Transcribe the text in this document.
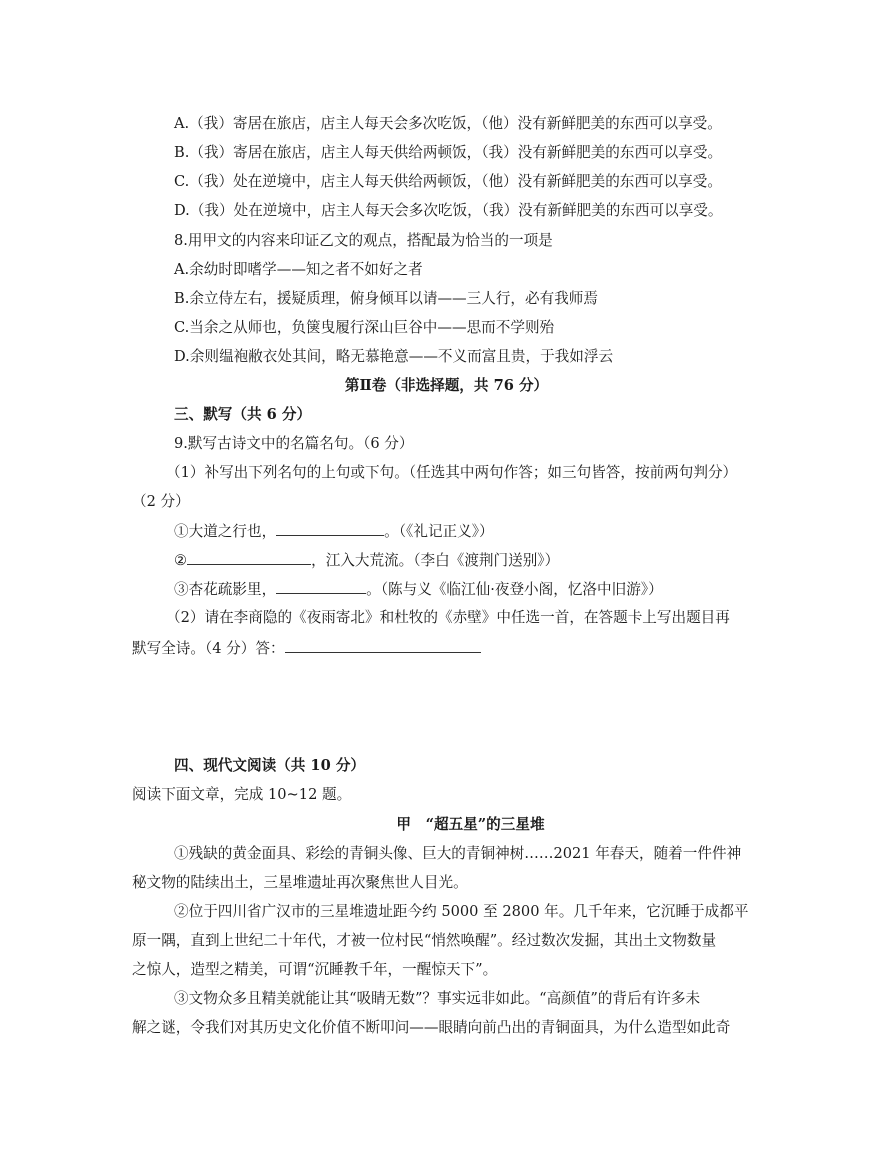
A.（我）寄居在旅店，店主人每天会多次吃饭，（他）没有新鲜肥美的东西可以享受。
B.（我）寄居在旅店，店主人每天供给两顿饭，（我）没有新鲜肥美的东西可以享受。
C.（我）处在逆境中，店主人每天供给两顿饭，（他）没有新鲜肥美的东西可以享受。
D.（我）处在逆境中，店主人每天会多次吃饭，（我）没有新鲜肥美的东西可以享受。
8.用甲文的内容来印证乙文的观点，搭配最为恰当的一项是
A.余幼时即嗜学——知之者不如好之者
B.余立侍左右，援疑质理，俯身倾耳以请——三人行，必有我师焉
C.当余之从师也，负箧曳履行深山巨谷中——思而不学则殆
D.余则缊袍敝衣处其间，略无慕艳意——不义而富且贵，于我如浮云
第Ⅱ卷（非选择题，共 76 分）
三、默写（共 6 分）
9.默写古诗文中的名篇名句。（6 分）
（1）补写出下列名句的上句或下句。（任选其中两句作答；如三句皆答，按前两句判分）
（2 分）
①大道之行也，	。（《礼记正义》）
②	，江入大荒流。（李白《渡荆门送别》）
③杏花疏影里，	。（陈与义《临江仙·夜登小阁，忆洛中旧游》）
（2）请在李商隐的《夜雨寄北》和杜牧的《赤壁》中任选一首，在答题卡上写出题目再
默写全诗。（4 分）答：
四、现代文阅读（共 10 分）
阅读下面文章，完成 10~12 题。
甲　“超五星”的三星堆
①残缺的黄金面具、彩绘的青铜头像、巨大的青铜神树……2021 年春天，随着一件件神
秘文物的陆续出土，三星堆遗址再次聚焦世人目光。
②位于四川省广汉市的三星堆遗址距今约 5000 至 2800 年。几千年来，它沉睡于成都平
原一隅，直到上世纪二十年代，才被一位村民“悄然唤醒”。经过数次发掘，其出土文物数量
之惊人，造型之精美，可谓“沉睡教千年，一醒惊天下”。
③文物众多且精美就能让其“吸睛无数”？事实远非如此。“高颜值”的背后有许多未
解之谜，令我们对其历史文化价值不断叩问——眼睛向前凸出的青铜面具，为什么造型如此奇
